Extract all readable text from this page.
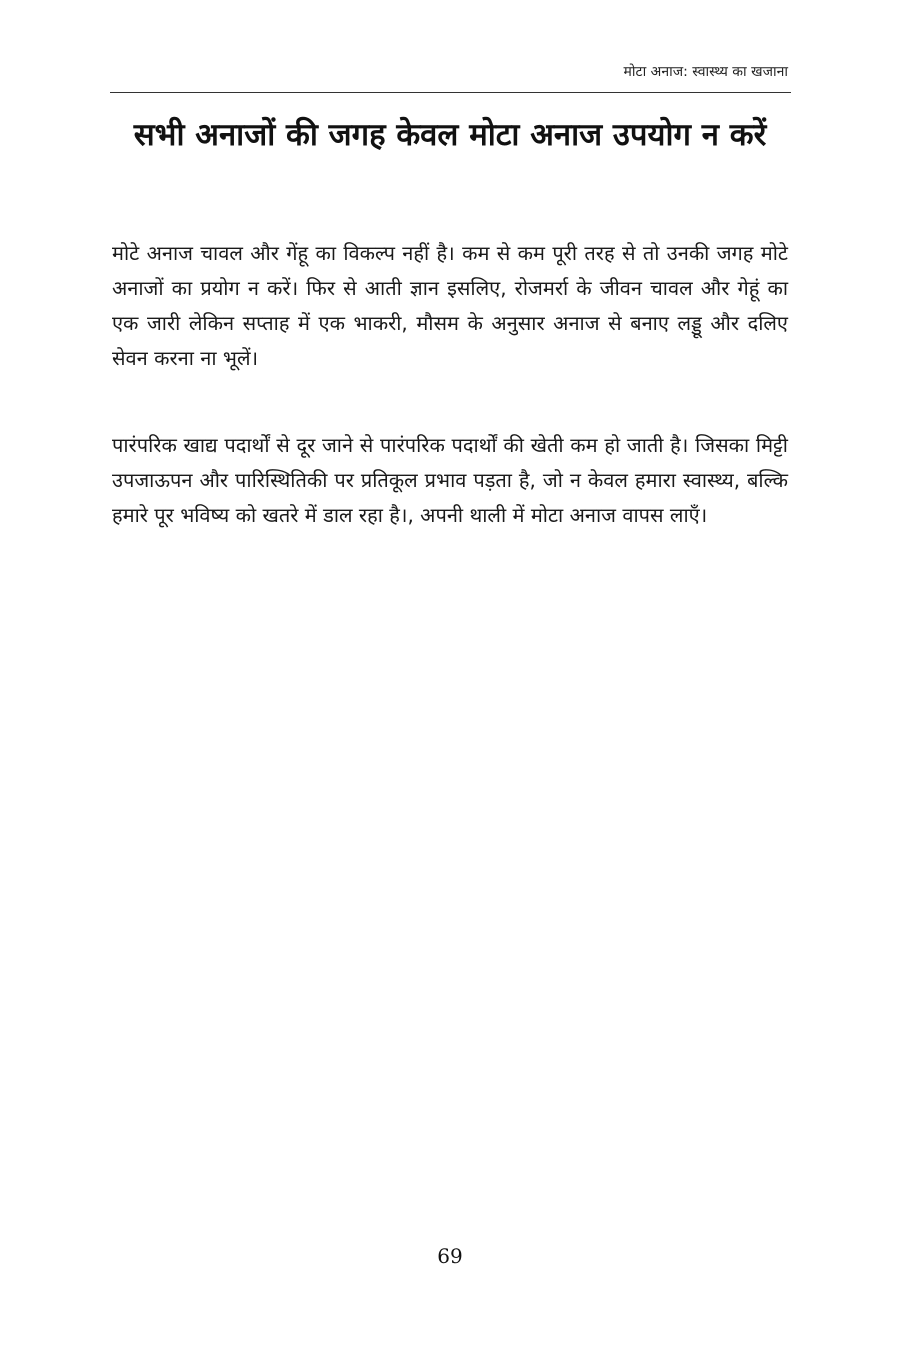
मोटा अनाज: स्वास्थ्य का खजाना
सभी अनाजों की जगह केवल मोटा अनाज उपयोग न करें

मोटे अनाज चावल और गेंहू का विकल्प नहीं है। कम से कम पूरी तरह से तो उनकी जगह मोटे अनाजों का प्रयोग न करें। फिर से आती ज्ञान इसलिए, रोजमर्रा के जीवन चावल और गेहूं का एक जारी लेकिन सप्ताह में एक भाकरी, मौसम के अनुसार अनाज से बनाए लड्डू और दलिए सेवन करना ना भूलें।

पारंपरिक खाद्य पदार्थों से दूर जाने से पारंपरिक पदार्थों की खेती कम हो जाती है। जिसका मिट्टी उपजाऊपन और पारिस्थितिकी पर प्रतिकूल प्रभाव पड़ता है, जो न केवल हमारा स्वास्थ्य, बल्कि हमारे पूर भविष्य को खतरे में डाल रहा है।, अपनी थाली में मोटा अनाज वापस लाएँ।

69
